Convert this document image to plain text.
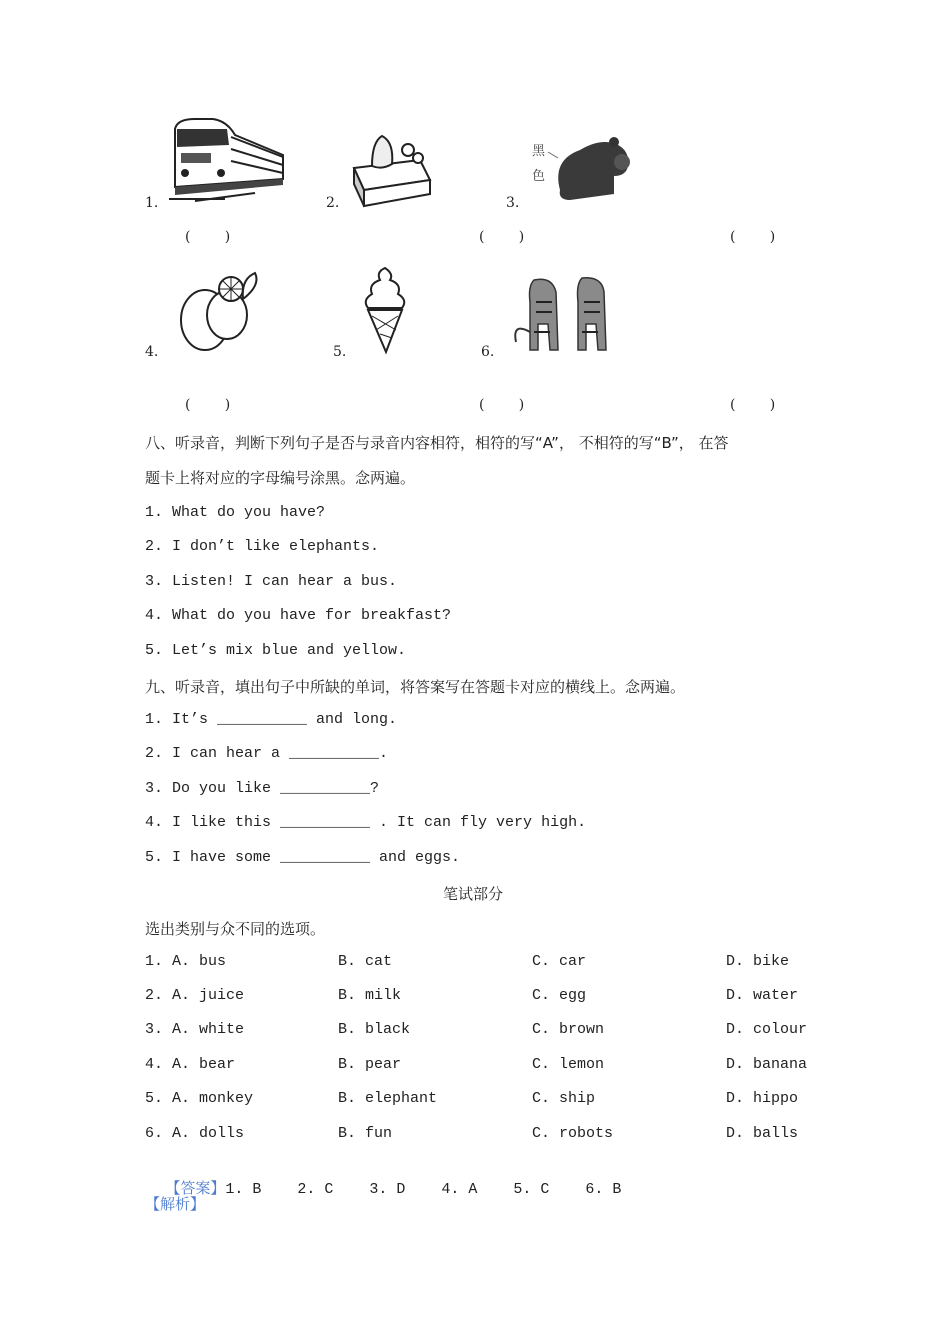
1.	2.
黑
色
3.
(     )	(     )	(     )
4.	5.	6.
(     )	(     )	(     )
八、听录音，判断下列句子是否与录音内容相符，相符的写“A”， 不相符的写“B”， 在答
题卡上将对应的字母编号涂黑。念两遍。
1. What do you have?
2. I don’t like elephants.
3. Listen! I can hear a bus.
4. What do you have for breakfast?
5. Let’s mix blue and yellow.
九、听录音，填出句子中所缺的单词，将答案写在答题卡对应的横线上。念两遍。
1. It’s __________ and long.
2. I can hear a __________.
3. Do you like __________?
4. I like this __________ . It can fly very high.
5. I have some __________ and eggs.
笔试部分
选出类别与众不同的选项。
1. A. bus	B. cat	C. car	D. bike
2. A. juice	B. milk	C. egg	D. water
3. A. white	B. black	C. brown	D. colour
4. A. bear	B. pear	C. lemon	D. banana
5. A. monkey	B. elephant	C. ship	D. hippo
6. A. dolls	B. fun	C. robots	D. balls

【答案】1. B    2. C    3. D    4. A    5. C    6. B

【解析】
